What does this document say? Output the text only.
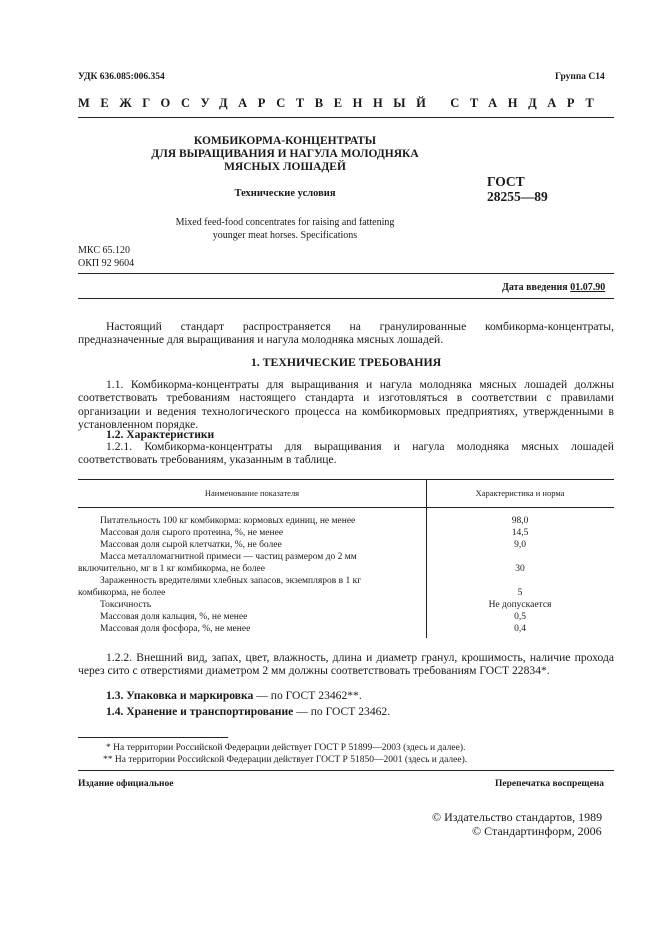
УДК 636.085:006.354	Группа С14
МЕЖГОСУДАРСТВЕННЫЙ СТАНДАРТ
КОМБИКОРМА-КОНЦЕНТРАТЫ
ДЛЯ ВЫРАЩИВАНИЯ И НАГУЛА МОЛОДНЯКА
МЯСНЫХ ЛОШАДЕЙ
Технические условия
ГОСТ
28255—89
Mixed feed-food concentrates for raising and fattening
younger meat horses. Specifications
МКС 65.120
ОКП 92 9604
Дата введения 01.07.90
Настоящий стандарт распространяется на гранулированные комбикорма-концентраты, предназначенные для выращивания и нагула молодняка мясных лошадей.
1. ТЕХНИЧЕСКИЕ ТРЕБОВАНИЯ
1.1. Комбикорма-концентраты для выращивания и нагула молодняка мясных лошадей должны соответствовать требованиям настоящего стандарта и изготовляться в соответствии с правилами организации и ведения технологического процесса на комбикормовых предприятиях, утвержденными в установленном порядке.
1.2. Характеристики
1.2.1. Комбикорма-концентраты для выращивания и нагула молодняка мясных лошадей соответствовать требованиям, указанным в таблице.
Наименование показателя	Характеристика и норма
Питательность 100 кг комбикорма: кормовых единиц, не менее	98,0
Массовая доля сырого протеина, %, не менее	14,5
Массовая доля сырой клетчатки, %, не более	9,0
Масса металломагнитной примеси — частиц размером до 2 мм
включительно, мг в 1 кг комбикорма, не более	30
Зараженность вредителями хлебных запасов, экземпляров в 1 кг
комбикорма, не более	5
Токсичность	Не допускается
Массовая доля кальция, %, не менее	0,5
Массовая доля фосфора, %, не менее	0,4
1.2.2. Внешний вид, запах, цвет, влажность, длина и диаметр гранул, крошимость, наличие прохода через сито с отверстиями диаметром 2 мм должны соответствовать требованиям ГОСТ 22834*.
1.3. Упаковка и маркировка — по ГОСТ 23462**.
1.4. Хранение и транспортирование — по ГОСТ 23462.
* На территории Российской Федерации действует ГОСТ Р 51899—2003 (здесь и далее).
** На территории Российской Федерации действует ГОСТ Р 51850—2001 (здесь и далее).
Издание официальное	Перепечатка воспрещена
© Издательство стандартов, 1989
© Стандартинформ, 2006
